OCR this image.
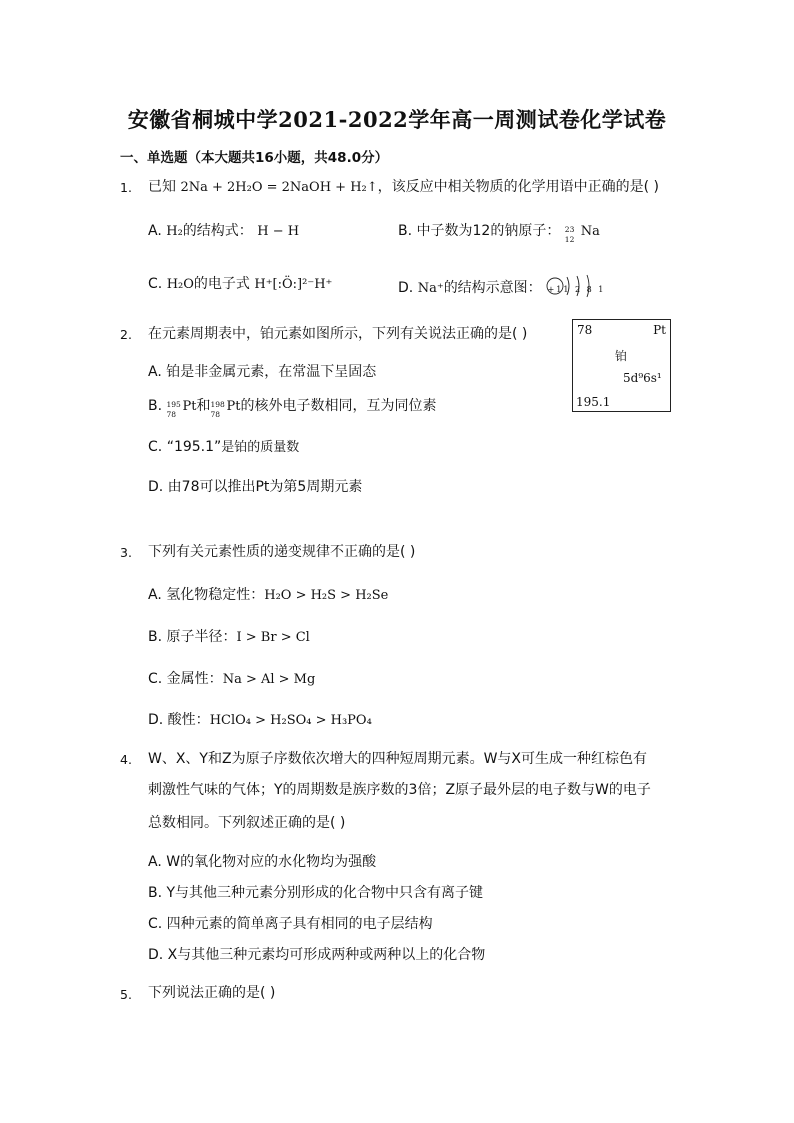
安徽省桐城中学2021-2022学年高一周测试卷化学试卷
一、单选题（本大题共16小题，共48.0分）
1. 已知 2Na + 2H₂O = 2NaOH + H₂↑，该反应中相关物质的化学用语中正确的是( )
A. H₂的结构式： H − H	B. 中子数为12的钠原子： 23
12
Na
C. H₂O的电子式 H⁺[:Ö:]²⁻H⁺	D. Na⁺的结构示意图： +11 2 8 1
2. 在元素周期表中，铂元素如图所示，下列有关说法正确的是( )
A. 铂是非金属元素，在常温下呈固态
B. 195
78
Pt和 198
78
Pt的核外电子数相同，互为同位素
C. “195.1”是铂的质量数
D. 由78可以推出Pt为第5周期元素
78	Pt
铂
5d⁹6s¹
195.1
3. 下列有关元素性质的递变规律不正确的是( )
A. 氢化物稳定性：H₂O > H₂S > H₂Se
B. 原子半径：I > Br > Cl
C. 金属性：Na > Al > Mg
D. 酸性：HClO₄ > H₂SO₄ > H₃PO₄
4. W、X、Y和Z为原子序数依次增大的四种短周期元素。W与X可生成一种红棕色有
刺激性气味的气体；Y的周期数是族序数的3倍；Z原子最外层的电子数与W的电子
总数相同。下列叙述正确的是( )
A. W的氧化物对应的水化物均为强酸
B. Y与其他三种元素分别形成的化合物中只含有离子键
C. 四种元素的简单离子具有相同的电子层结构
D. X与其他三种元素均可形成两种或两种以上的化合物
5. 下列说法正确的是( )
